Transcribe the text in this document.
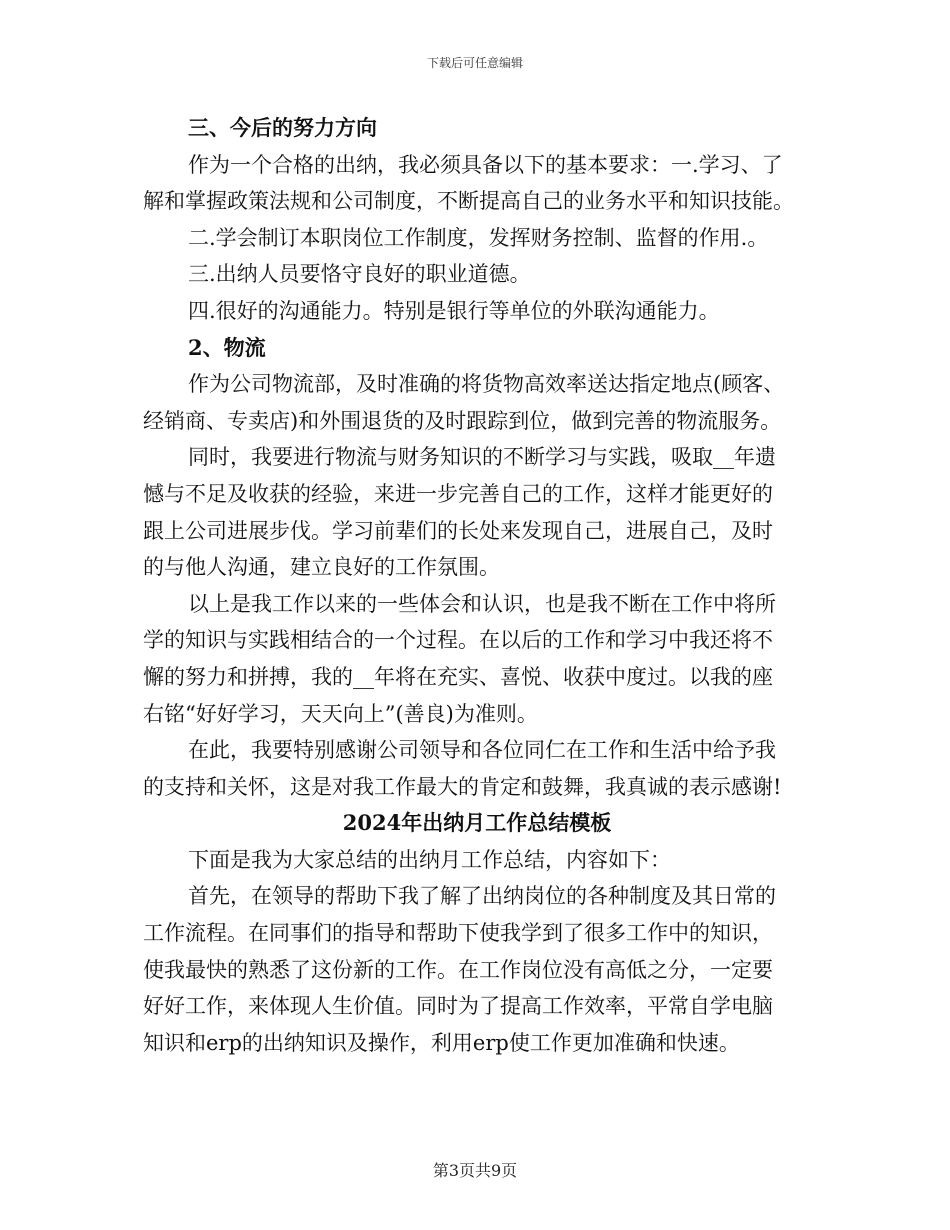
下载后可任意编辑
三、今后的努力方向
作为一个合格的出纳，我必须具备以下的基本要求：一.学习、了
解和掌握政策法规和公司制度，不断提高自己的业务水平和知识技能。
二.学会制订本职岗位工作制度，发挥财务控制、监督的作用.。
三.出纳人员要恪守良好的职业道德。
四.很好的沟通能力。特别是银行等单位的外联沟通能力。
2、物流
作为公司物流部，及时准确的将货物高效率送达指定地点(顾客、
经销商、专卖店)和外围退货的及时跟踪到位，做到完善的物流服务。
同时，我要进行物流与财务知识的不断学习与实践，吸取__年遗
憾与不足及收获的经验，来进一步完善自己的工作，这样才能更好的
跟上公司进展步伐。学习前辈们的长处来发现自己，进展自己，及时
的与他人沟通，建立良好的工作氛围。
以上是我工作以来的一些体会和认识，也是我不断在工作中将所
学的知识与实践相结合的一个过程。在以后的工作和学习中我还将不
懈的努力和拼搏，我的__年将在充实、喜悦、收获中度过。以我的座
右铭“好好学习，天天向上”(善良)为准则。
在此，我要特别感谢公司领导和各位同仁在工作和生活中给予我
的支持和关怀，这是对我工作最大的肯定和鼓舞，我真诚的表示感谢!
2024年出纳月工作总结模板
下面是我为大家总结的出纳月工作总结，内容如下：
首先，在领导的帮助下我了解了出纳岗位的各种制度及其日常的
工作流程。在同事们的指导和帮助下使我学到了很多工作中的知识，
使我最快的熟悉了这份新的工作。在工作岗位没有高低之分，一定要
好好工作，来体现人生价值。同时为了提高工作效率，平常自学电脑
知识和erp的出纳知识及操作，利用erp使工作更加准确和快速。
第3页共9页
